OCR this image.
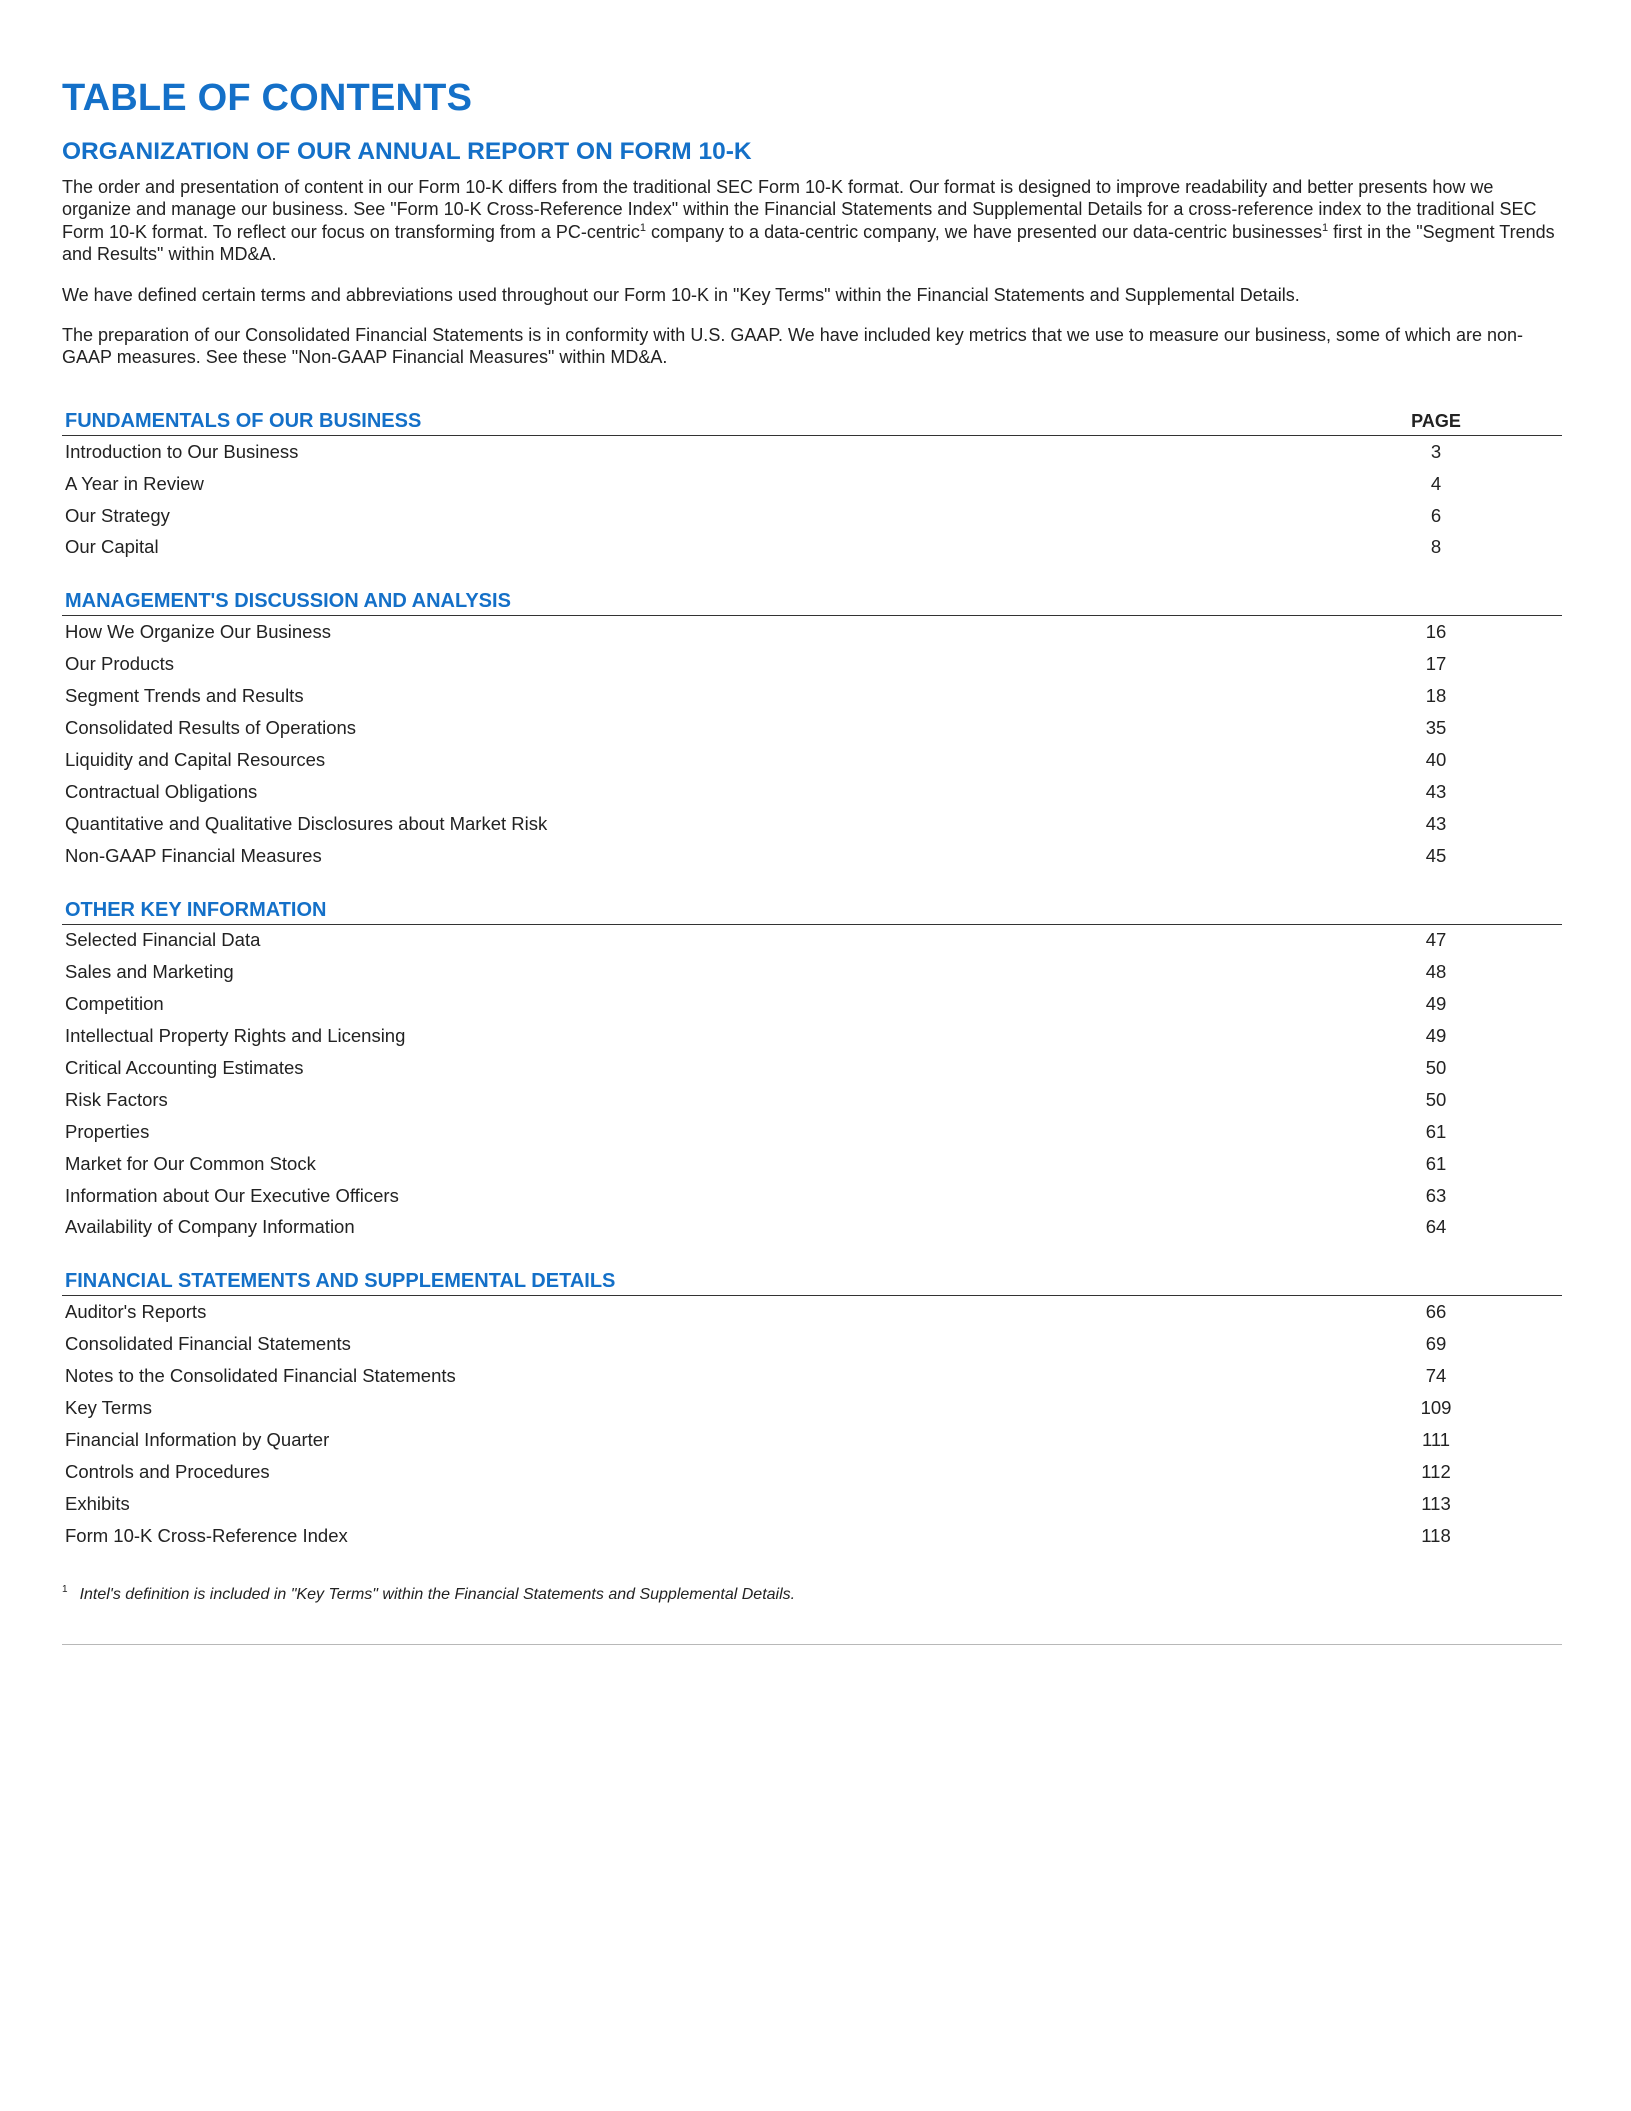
TABLE OF CONTENTS
ORGANIZATION OF OUR ANNUAL REPORT ON FORM 10-K

The order and presentation of content in our Form 10-K differs from the traditional SEC Form 10-K format. Our format is designed to improve readability and better presents how we organize and manage our business. See "Form 10-K Cross-Reference Index" within the Financial Statements and Supplemental Details for a cross-reference index to the traditional SEC Form 10-K format. To reflect our focus on transforming from a PC-centric$^1$ company to a data-centric company, we have presented our data-centric businesses$^1$ first in the "Segment Trends and Results" within MD&A.

We have defined certain terms and abbreviations used throughout our Form 10-K in "Key Terms" within the Financial Statements and Supplemental Details.

The preparation of our Consolidated Financial Statements is in conformity with U.S. GAAP. We have included key metrics that we use to measure our business, some of which are non-GAAP measures. See these "Non-GAAP Financial Measures" within MD&A.

FUNDAMENTALS OF OUR BUSINESS	PAGE
Introduction to Our Business	3
A Year in Review	4
Our Strategy	6
Our Capital	8
MANAGEMENT'S DISCUSSION AND ANALYSIS
How We Organize Our Business	16
Our Products	17
Segment Trends and Results	18
Consolidated Results of Operations	35
Liquidity and Capital Resources	40
Contractual Obligations	43
Quantitative and Qualitative Disclosures about Market Risk	43
Non-GAAP Financial Measures	45
OTHER KEY INFORMATION
Selected Financial Data	47
Sales and Marketing	48
Competition	49
Intellectual Property Rights and Licensing	49
Critical Accounting Estimates	50
Risk Factors	50
Properties	61
Market for Our Common Stock	61
Information about Our Executive Officers	63
Availability of Company Information	64
FINANCIAL STATEMENTS AND SUPPLEMENTAL DETAILS
Auditor's Reports	66
Consolidated Financial Statements	69
Notes to the Consolidated Financial Statements	74
Key Terms	109
Financial Information by Quarter	111
Controls and Procedures	112
Exhibits	113
Form 10-K Cross-Reference Index	118
$^1$ Intel's definition is included in "Key Terms" within the Financial Statements and Supplemental Details.
